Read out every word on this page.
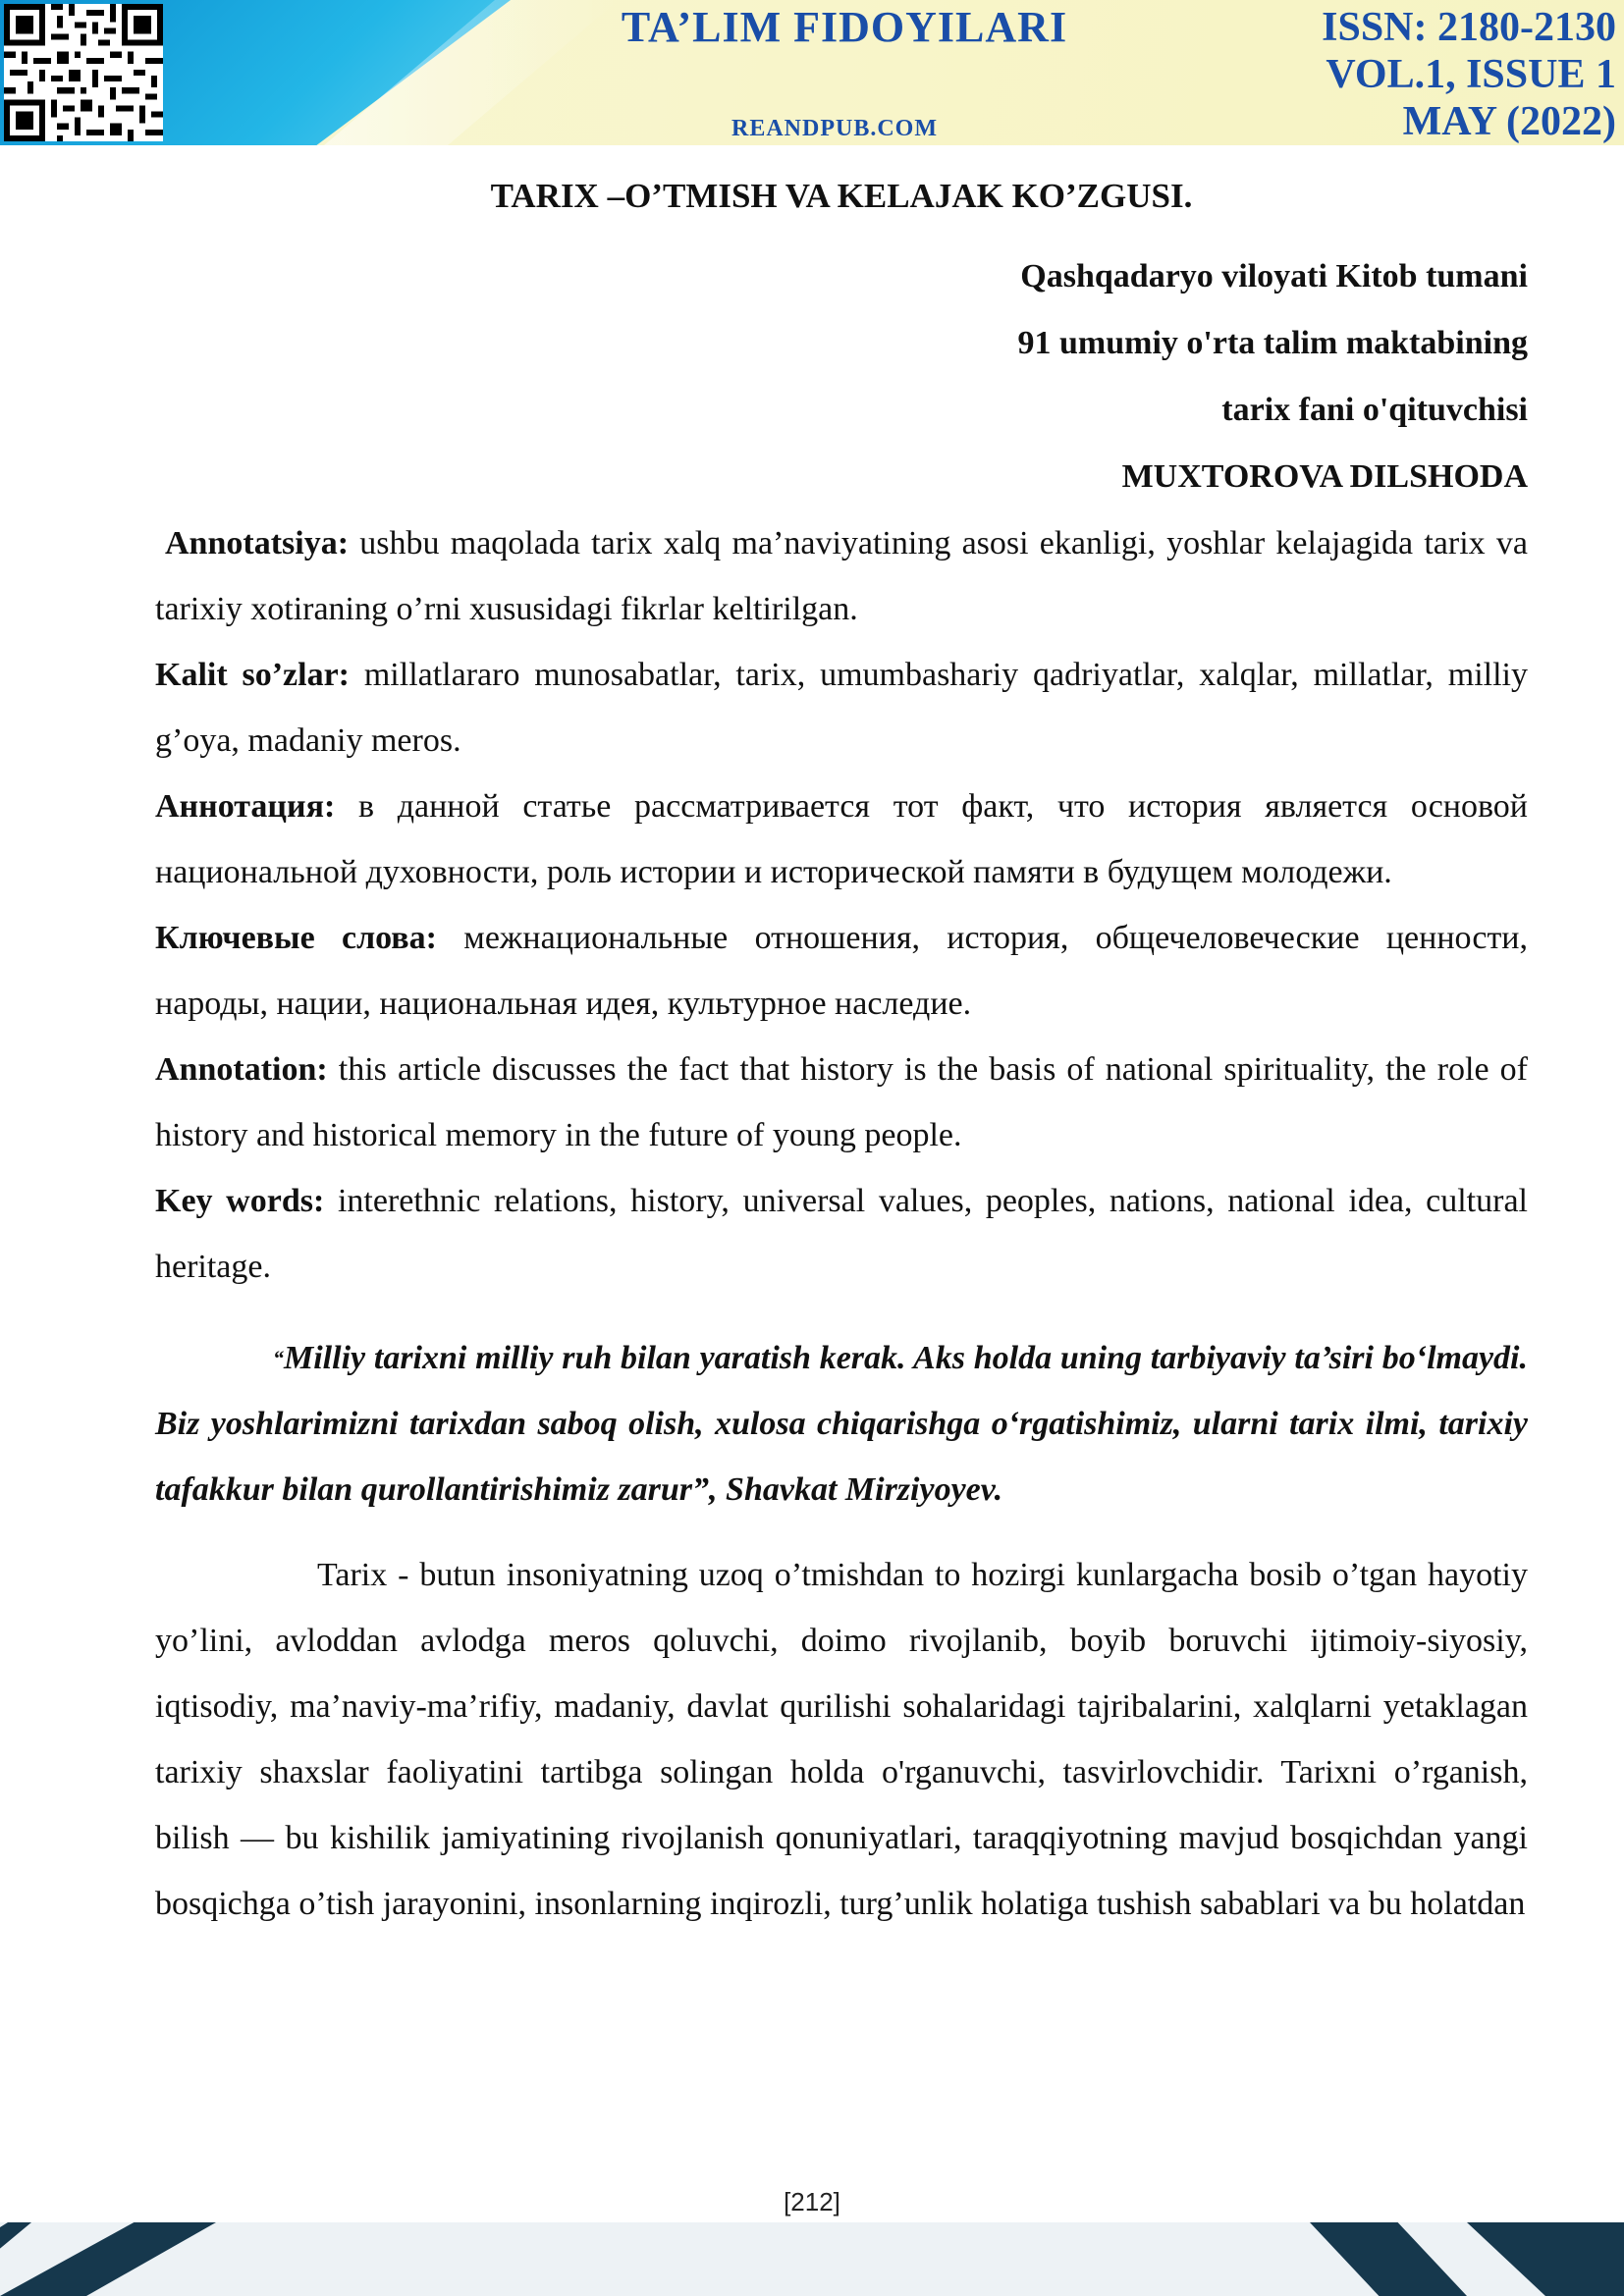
TA’LIM FIDOYILARI
REANDPUB.COM
ISSN: 2180-2130
VOL.1, ISSUE 1
MAY (2022)
TARIX –O’TMISH VA KELAJAK KO’ZGUSI.
Qashqadaryo viloyati Kitob tumani
91 umumiy o'rta talim maktabining
tarix fani o'qituvchisi
MUXTOROVA DILSHODA

Annotatsiya: ushbu maqolada tarix xalq ma’naviyatining asosi ekanligi, yoshlar kelajagida tarix va tarixiy xotiraning o’rni xususidagi fikrlar keltirilgan.

Kalit so’zlar: millatlararo munosabatlar, tarix, umumbashariy qadriyatlar, xalqlar, millatlar, milliy g’oya, madaniy meros.

Аннотация: в данной статье рассматривается тот факт, что история является основой национальной духовности, роль истории и исторической памяти в будущем молодежи.

Ключевые слова: межнациональные отношения, история, общечеловеческие ценности, народы, нации, национальная идея, культурное наследие.

Annotation: this article discusses the fact that history is the basis of national spirituality, the role of history and historical memory in the future of young people.

Key words: interethnic relations, history, universal values, peoples, nations, national idea, cultural heritage.

“Milliy tarixni milliy ruh bilan yaratish kerak. Aks holda uning tarbiyaviy ta’siri bo‘lmaydi. Biz yoshlarimizni tarixdan saboq olish, xulosa chiqarishga o‘rgatishimiz, ularni tarix ilmi, tarixiy tafakkur bilan qurollantirishimiz zarur”, Shavkat Mirziyoyev.

Tarix - butun insoniyatning uzoq o’tmishdan to hozirgi kunlargacha bosib o’tgan hayotiy yo’lini, avloddan avlodga meros qoluvchi, doimo rivojlanib, boyib boruvchi ijtimoiy-siyosiy, iqtisodiy, ma’naviy-ma’rifiy, madaniy, davlat qurilishi sohalaridagi tajribalarini, xalqlarni yetaklagan tarixiy shaxslar faoliyatini tartibga solingan holda o'rganuvchi, tasvirlovchidir. Tarixni o’rganish, bilish — bu kishilik jamiyatining rivojlanish qonuniyatlari, taraqqiyotning mavjud bosqichdan yangi bosqichga o’tish jarayonini, insonlarning inqirozli, turg’unlik holatiga tushish sabablari va bu holatdan

[212]
